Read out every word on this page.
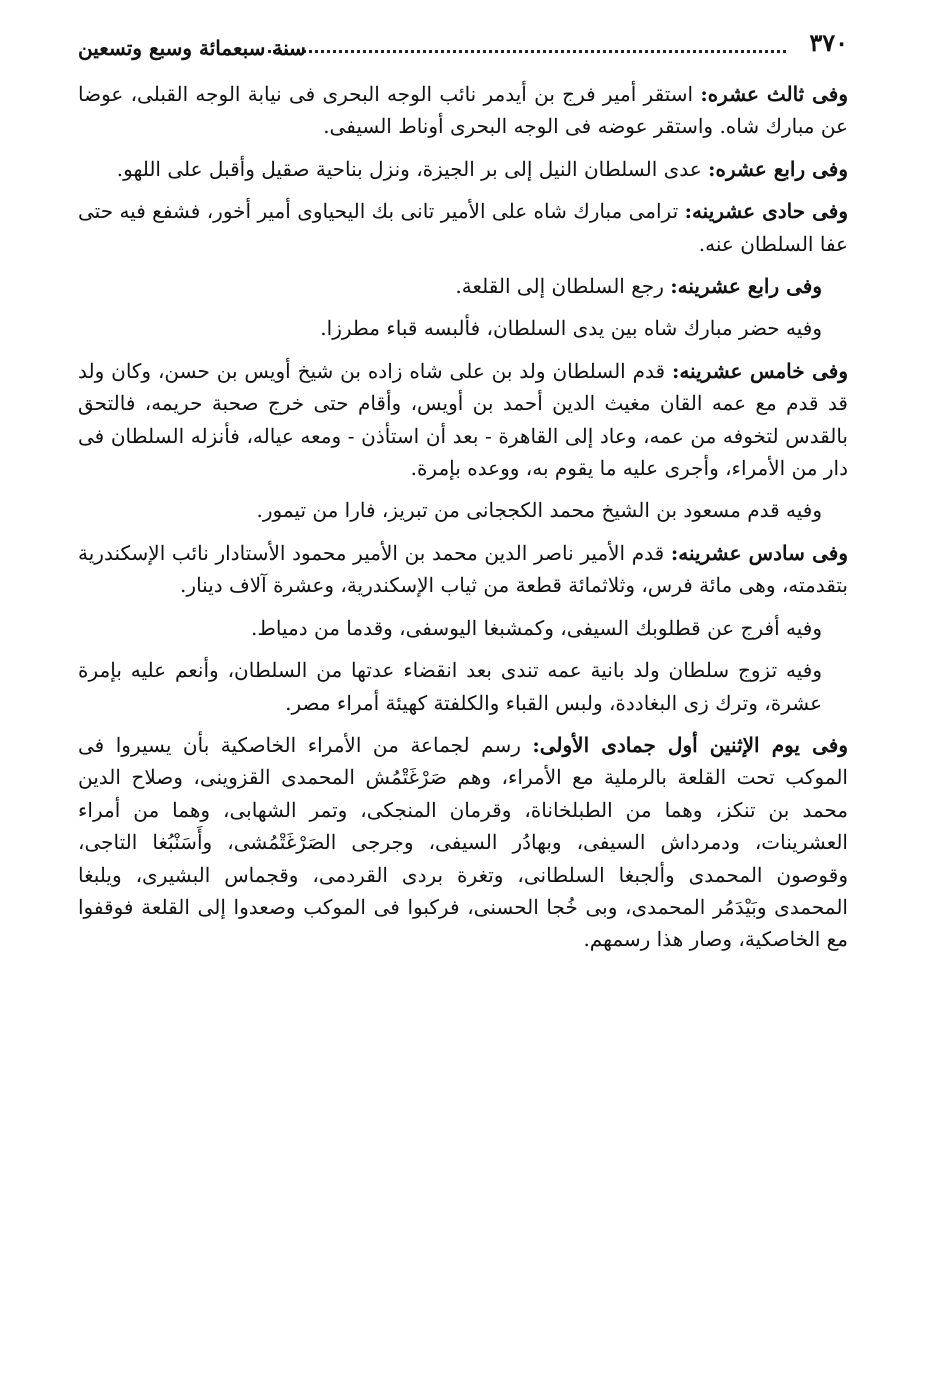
٣٧٠
سنة سبعمائة وسبع وتسعين

وفى ثالث عشره: استقر أمير فرج بن أيدمر نائب الوجه البحرى فى نيابة الوجه القبلى، عوضا عن مبارك شاه. واستقر عوضه فى الوجه البحرى أوناط السيفى.

وفى رابع عشره: عدى السلطان النيل إلى بر الجيزة، ونزل بناحية صقيل وأقبل على اللهو.

وفى حادى عشرينه: ترامى مبارك شاه على الأمير تانى بك اليحياوى أمير أخور، فشفع فيه حتى عفا السلطان عنه.

وفى رابع عشرينه: رجع السلطان إلى القلعة.

وفيه حضر مبارك شاه بين يدى السلطان، فألبسه قباء مطرزا.

وفى خامس عشرينه: قدم السلطان ولد بن على شاه زاده بن شيخ أويس بن حسن، وكان ولد قد قدم مع عمه القان مغيث الدين أحمد بن أويس، وأقام حتى خرج صحبة حريمه، فالتحق بالقدس لتخوفه من عمه، وعاد إلى القاهرة - بعد أن استأذن - ومعه عياله، فأنزله السلطان فى دار من الأمراء، وأجرى عليه ما يقوم به، ووعده بإمرة.

وفيه قدم مسعود بن الشيخ محمد الكججانى من تبريز، فارا من تيمور.

وفى سادس عشرينه: قدم الأمير ناصر الدين محمد بن الأمير محمود الأستادار نائب الإسكندرية بتقدمته، وهى مائة فرس، وثلاثمائة قطعة من ثياب الإسكندرية، وعشرة آلاف دينار.

وفيه أفرج عن قطلوبك السيفى، وكمشبغا اليوسفى، وقدما من دمياط.

وفيه تزوج سلطان ولد بانية عمه تندى بعد انقضاء عدتها من السلطان، وأنعم عليه بإمرة عشرة، وترك زى البغاددة، ولبس القباء والكلفتة كهيئة أمراء مصر.

وفى يوم الإثنين أول جمادى الأولى: رسم لجماعة من الأمراء الخاصكية بأن يسيروا فى الموكب تحت القلعة بالرملية مع الأمراء، وهم صَرْغَتْمُش المحمدى القزوينى، وصلاح الدين محمد بن تنكز، وهما من الطبلخاناة، وقرمان المنجكى، وتمر الشهابى، وهما من أمراء العشرينات، ودمرداش السيفى، وبهادُر السيفى، وجرجى الصَرْغَتْمُشى، وأَسَنْبُغا التاجى، وقوصون المحمدى وألجبغا السلطانى، وتغرة بردى القردمى، وقجماس البشيرى، ويلبغا المحمدى وبَيْدَمُر المحمدى، وبى خُجا الحسنى، فركبوا فى الموكب وصعدوا إلى القلعة فوقفوا مع الخاصكية، وصار هذا رسمهم.
